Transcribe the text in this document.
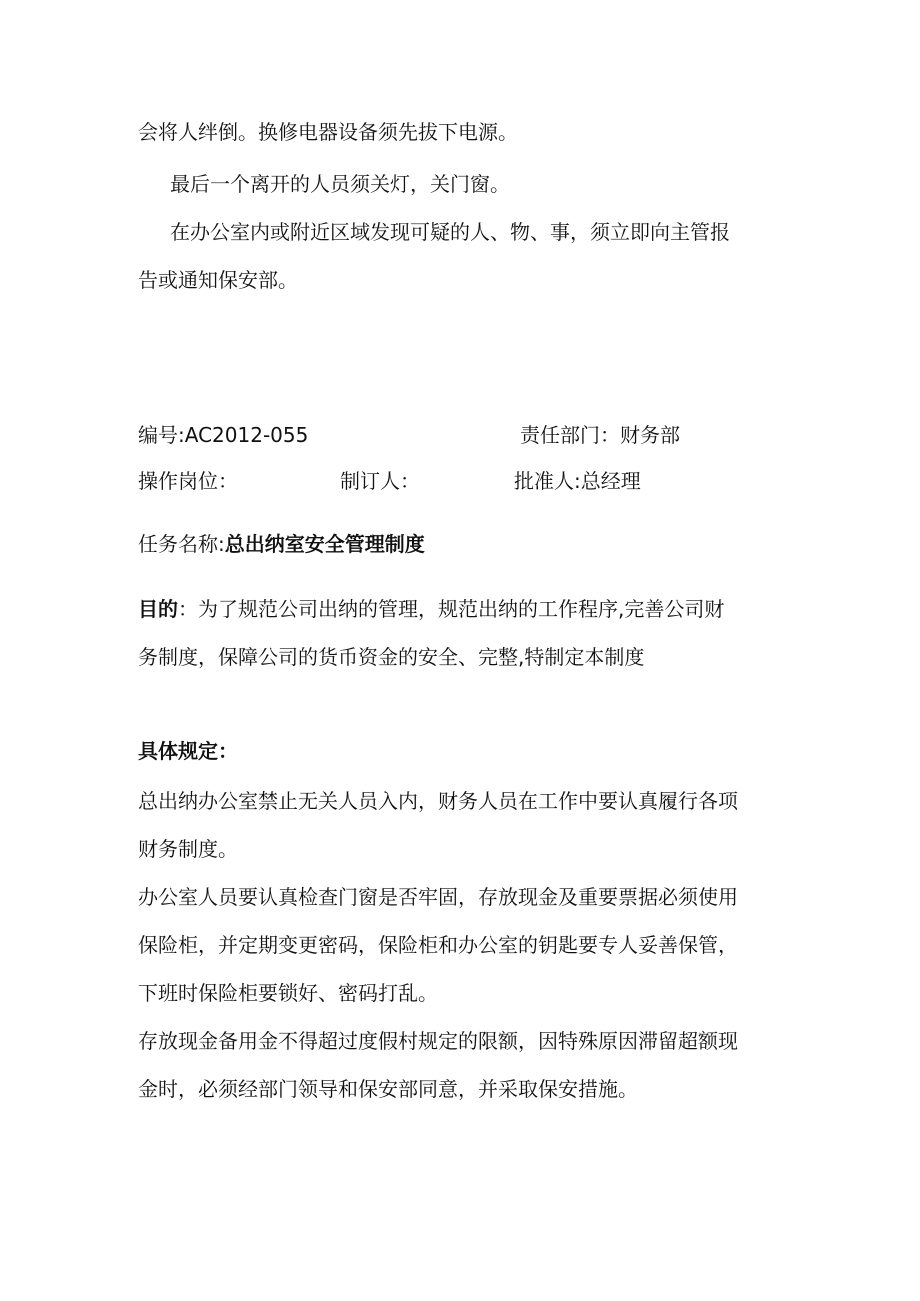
会将人绊倒。换修电器设备须先拔下电源。
最后一个离开的人员须关灯，关门窗。
在办公室内或附近区域发现可疑的人、物、事，须立即向主管报
告或通知保安部。
编号:AC2012-055	责任部门：财务部
操作岗位：	制订人：	批准人:总经理
任务名称:总出纳室安全管理制度
目的：为了规范公司出纳的管理，规范出纳的工作程序,完善公司财
务制度，保障公司的货币资金的安全、完整,特制定本制度
具体规定：
总出纳办公室禁止无关人员入内，财务人员在工作中要认真履行各项
财务制度。
办公室人员要认真检查门窗是否牢固，存放现金及重要票据必须使用
保险柜，并定期变更密码，保险柜和办公室的钥匙要专人妥善保管，
下班时保险柜要锁好、密码打乱。
存放现金备用金不得超过度假村规定的限额，因特殊原因滞留超额现
金时，必须经部门领导和保安部同意，并采取保安措施。
